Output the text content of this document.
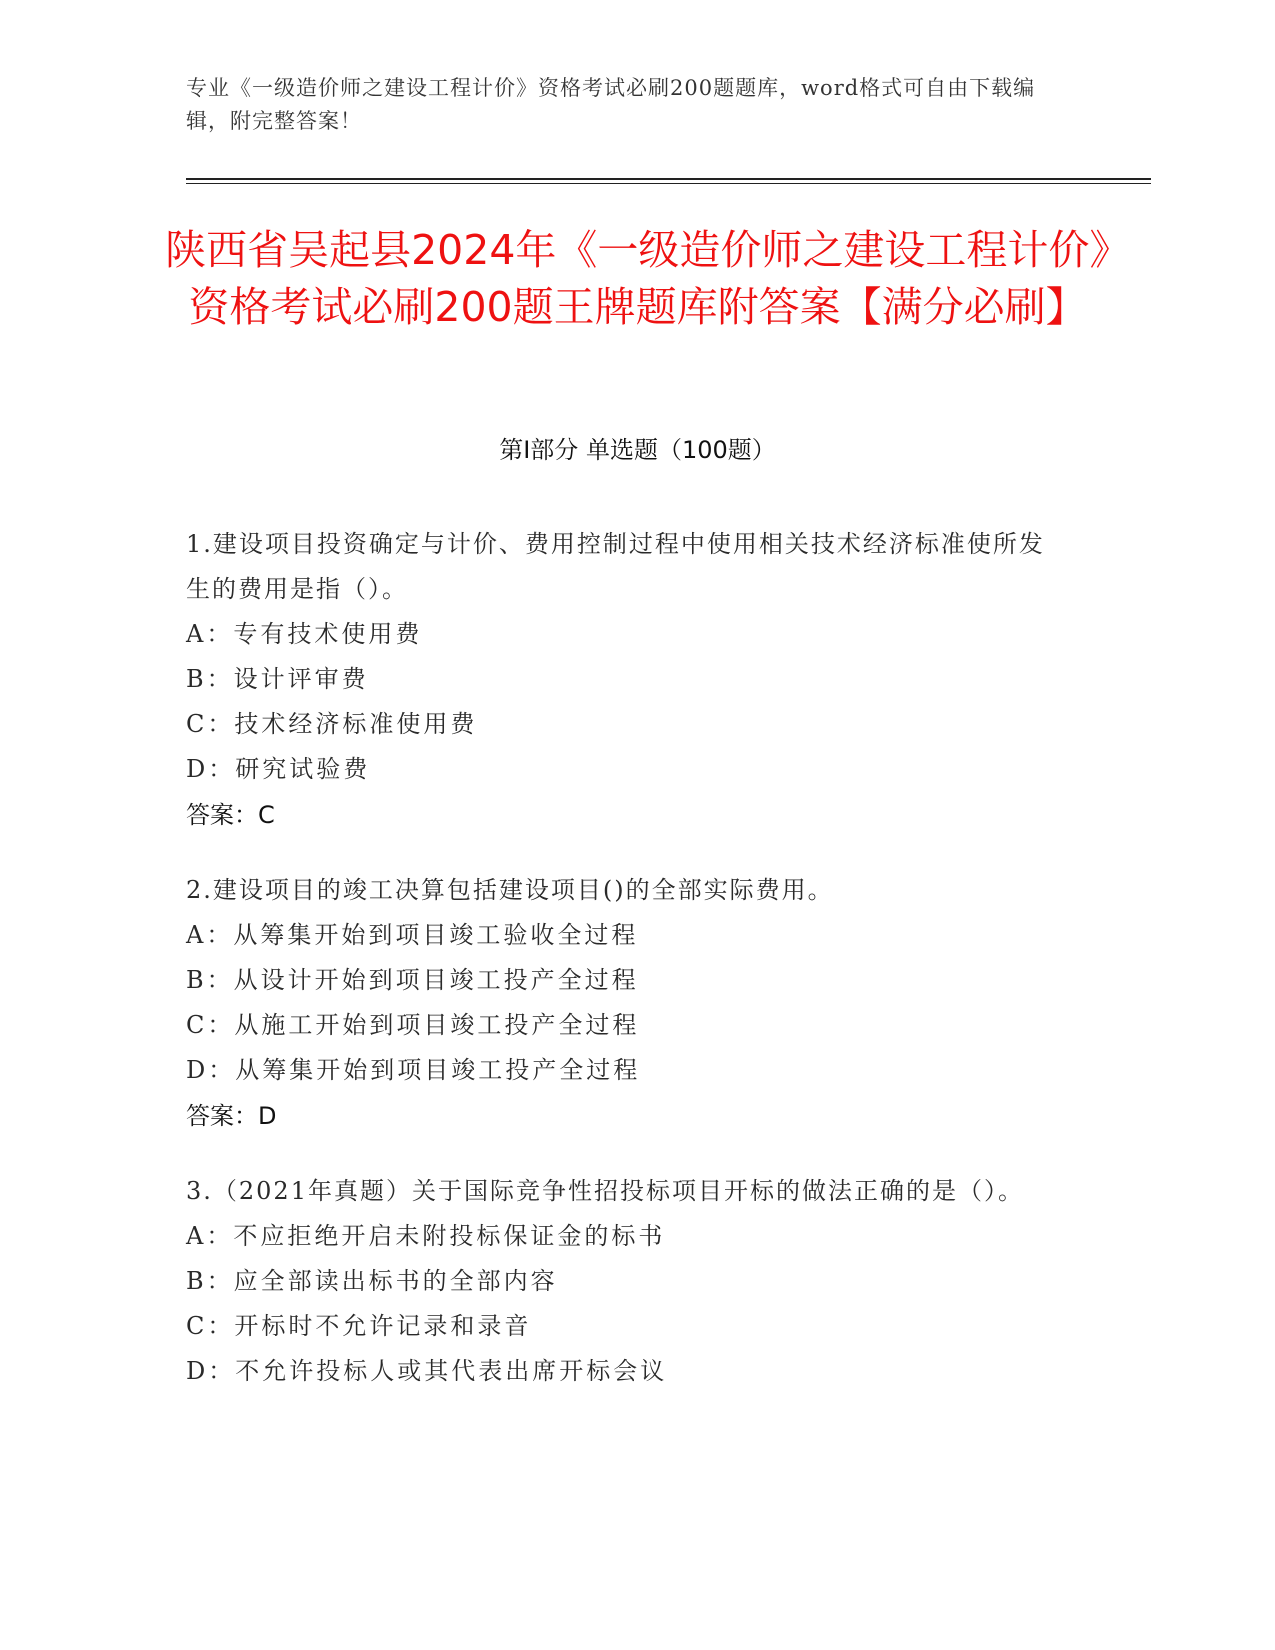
专业《一级造价师之建设工程计价》资格考试必刷200题题库，word格式可自由下载编辑，附完整答案！
陕西省吴起县2024年《一级造价师之建设工程计价》资格考试必刷200题王牌题库附答案【满分必刷】
第I部分 单选题（100题）
1.建设项目投资确定与计价、费用控制过程中使用相关技术经济标准使所发生的费用是指（）。
A：专有技术使用费
B：设计评审费
C：技术经济标准使用费
D：研究试验费
答案：C
2.建设项目的竣工决算包括建设项目()的全部实际费用。
A：从筹集开始到项目竣工验收全过程
B：从设计开始到项目竣工投产全过程
C：从施工开始到项目竣工投产全过程
D：从筹集开始到项目竣工投产全过程
答案：D
3.（2021年真题）关于国际竞争性招投标项目开标的做法正确的是（）。
A：不应拒绝开启未附投标保证金的标书
B：应全部读出标书的全部内容
C：开标时不允许记录和录音
D：不允许投标人或其代表出席开标会议
